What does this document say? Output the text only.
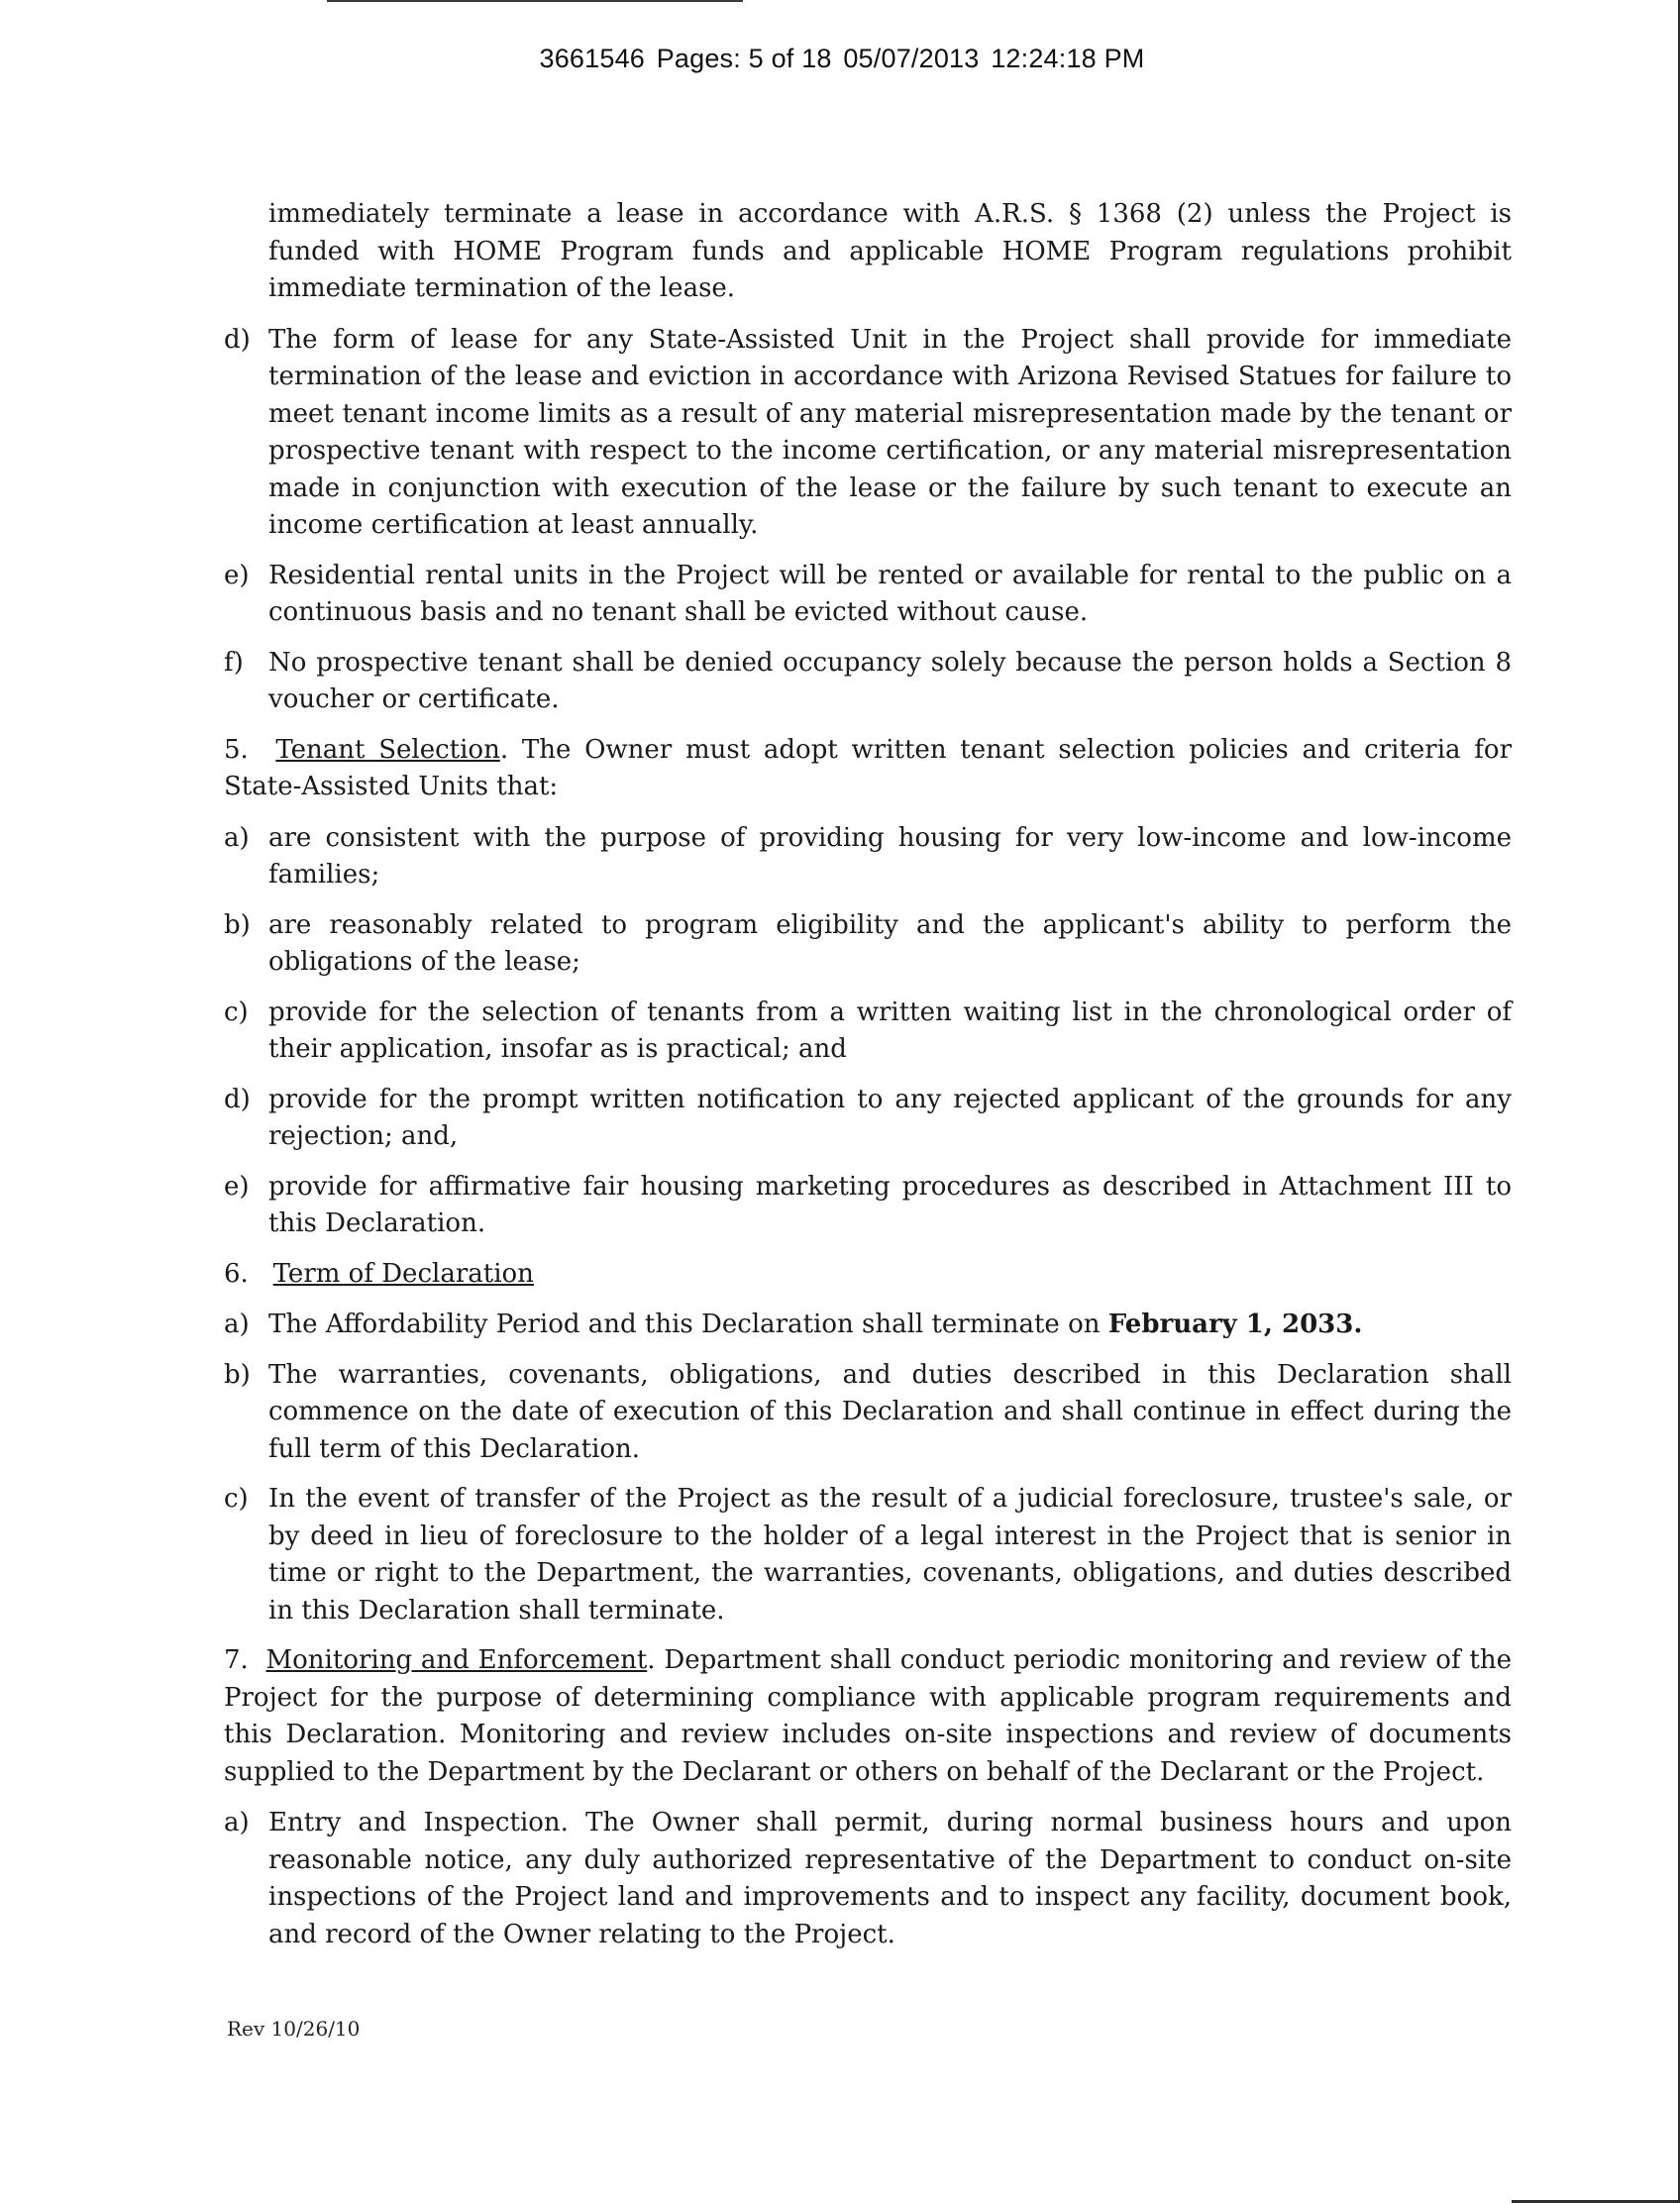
3661546 Pages: 5 of 18 05/07/2013 12:24:18 PM

immediately terminate a lease in accordance with A.R.S. § 1368 (2) unless the Project is funded with HOME Program funds and applicable HOME Program regulations prohibit immediate termination of the lease.

d) The form of lease for any State-Assisted Unit in the Project shall provide for immediate termination of the lease and eviction in accordance with Arizona Revised Statues for failure to meet tenant income limits as a result of any material misrepresentation made by the tenant or prospective tenant with respect to the income certification, or any material misrepresentation made in conjunction with execution of the lease or the failure by such tenant to execute an income certification at least annually.
e) Residential rental units in the Project will be rented or available for rental to the public on a continuous basis and no tenant shall be evicted without cause.
f) No prospective tenant shall be denied occupancy solely because the person holds a Section 8 voucher or certificate.

5. Tenant Selection. The Owner must adopt written tenant selection policies and criteria for State-Assisted Units that:

a) are consistent with the purpose of providing housing for very low-income and low-income families;
b) are reasonably related to program eligibility and the applicant's ability to perform the obligations of the lease;
c) provide for the selection of tenants from a written waiting list in the chronological order of their application, insofar as is practical; and
d) provide for the prompt written notification to any rejected applicant of the grounds for any rejection; and,
e) provide for affirmative fair housing marketing procedures as described in Attachment III to this Declaration.

6. Term of Declaration

a) The Affordability Period and this Declaration shall terminate on February 1, 2033.
b) The warranties, covenants, obligations, and duties described in this Declaration shall commence on the date of execution of this Declaration and shall continue in effect during the full term of this Declaration.
c) In the event of transfer of the Project as the result of a judicial foreclosure, trustee's sale, or by deed in lieu of foreclosure to the holder of a legal interest in the Project that is senior in time or right to the Department, the warranties, covenants, obligations, and duties described in this Declaration shall terminate.

7. Monitoring and Enforcement. Department shall conduct periodic monitoring and review of the Project for the purpose of determining compliance with applicable program requirements and this Declaration. Monitoring and review includes on-site inspections and review of documents supplied to the Department by the Declarant or others on behalf of the Declarant or the Project.

a) Entry and Inspection. The Owner shall permit, during normal business hours and upon reasonable notice, any duly authorized representative of the Department to conduct on-site inspections of the Project land and improvements and to inspect any facility, document book, and record of the Owner relating to the Project.
Rev 10/26/10
